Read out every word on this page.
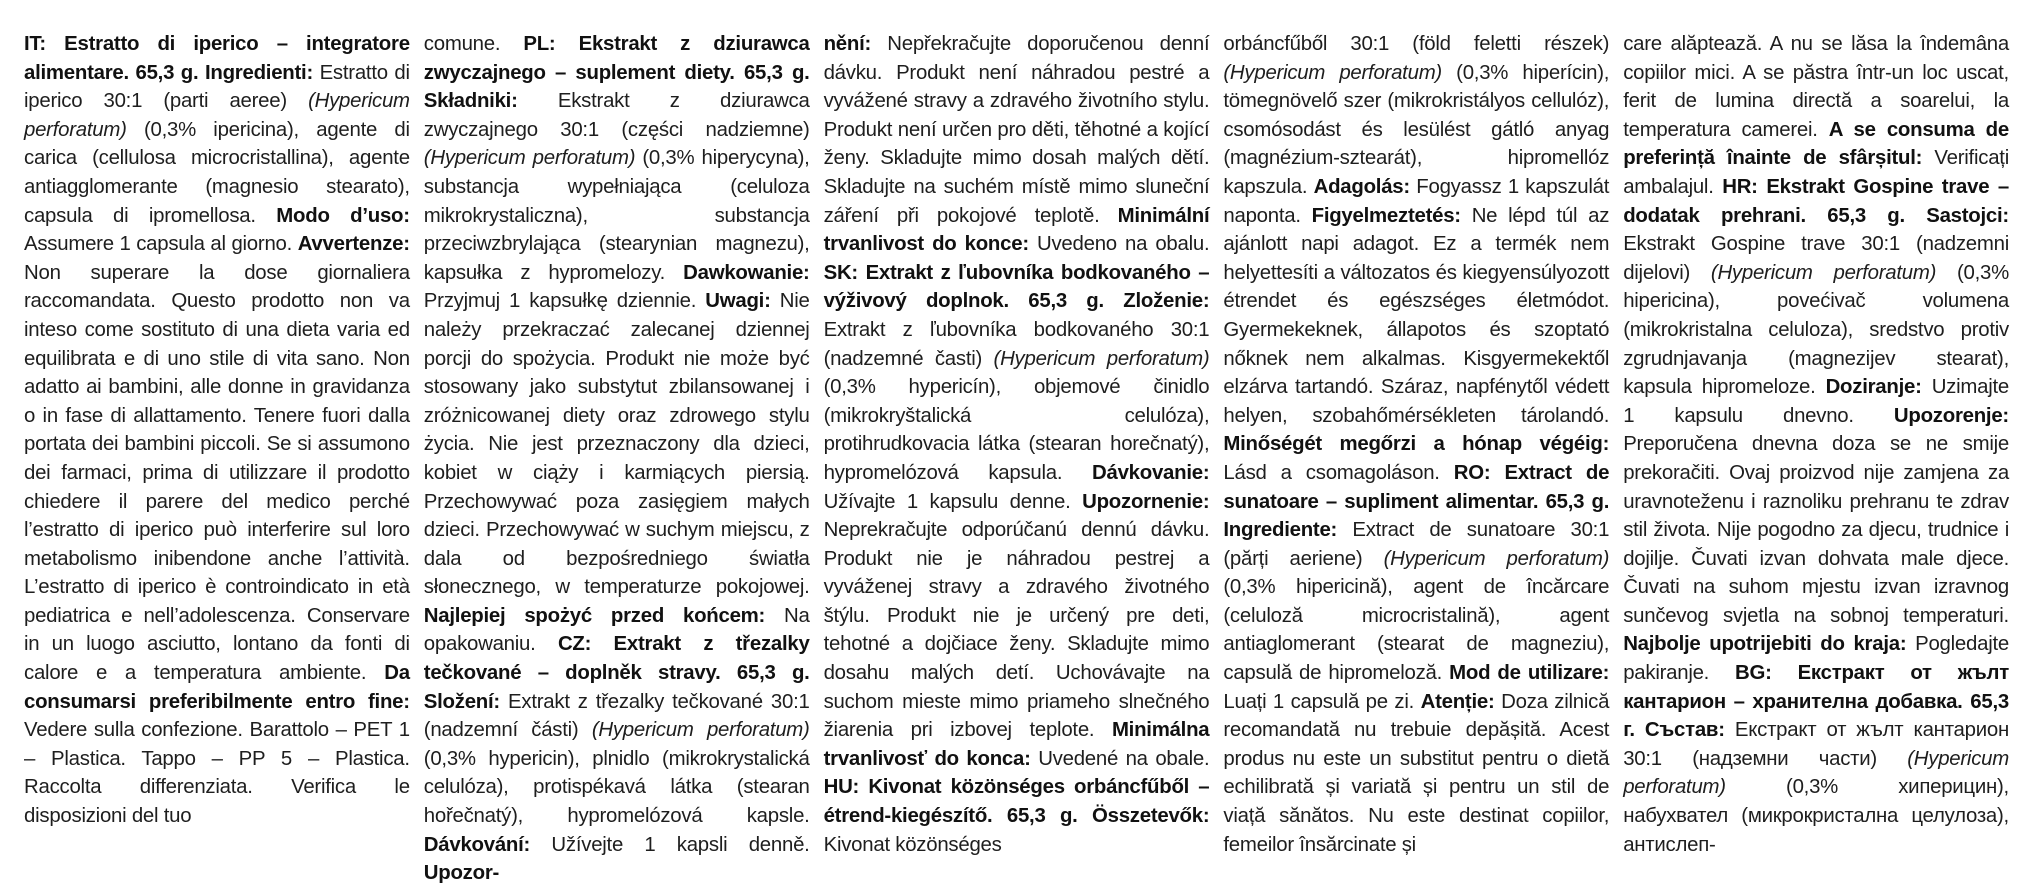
IT: Estratto di iperico – integratore alimentare. 65,3 g. Ingredienti: Estratto di iperico 30:1 (parti aeree) (Hypericum perforatum) (0,3% ipericina), agente di carica (cellulosa microcristallina), agente antiagglomerante (magnesio stearato), capsula di ipromellosa. Modo d’uso: Assumere 1 capsula al giorno. Avvertenze: Non superare la dose giornaliera raccomandata. Questo prodotto non va inteso come sostituto di una dieta varia ed equilibrata e di uno stile di vita sano. Non adatto ai bambini, alle donne in gravidanza o in fase di allattamento. Tenere fuori dalla portata dei bambini piccoli. Se si assumono dei farmaci, prima di utilizzare il prodotto chiedere il parere del medico perché l’estratto di iperico può interferire sul loro metabolismo inibendone anche l’attività. L’estratto di iperico è controindicato in età pediatrica e nell’adolescenza. Conservare in un luogo asciutto, lontano da fonti di calore e a temperatura ambiente. Da consumarsi preferibilmente entro fine: Vedere sulla confezione. Barattolo – PET 1 – Plastica. Tappo – PP 5 – Plastica. Raccolta differenziata. Verifica le disposizioni del tuo
comune. PL: Ekstrakt z dziurawca zwyczajnego – suplement diety. 65,3 g. Składniki: Ekstrakt z dziurawca zwyczajnego 30:1 (części nadziemne) (Hypericum perforatum) (0,3% hiperycyna), substancja wypełniająca (celuloza mikrokrystaliczna), substancja przeciwzbrylająca (stearynian magnezu), kapsułka z hypromelozy. Dawkowanie: Przyjmuj 1 kapsułkę dziennie. Uwagi: Nie należy przekraczać zalecanej dziennej porcji do spożycia. Produkt nie może być stosowany jako substytut zbilansowanej i zróżnicowanej diety oraz zdrowego stylu życia. Nie jest przeznaczony dla dzieci, kobiet w ciąży i karmiących piersią. Przechowywać poza zasięgiem małych dzieci. Przechowywać w suchym miejscu, z dala od bezpośredniego światła słonecznego, w temperaturze pokojowej. Najlepiej spożyć przed końcem: Na opakowaniu. CZ: Extrakt z třezalky tečkované – doplněk stravy. 65,3 g. Složení: Extrakt z třezalky tečkované 30:1 (nadzemní části) (Hypericum perforatum) (0,3% hypericin), plnidlo (mikrokrystalická celulóza), protispékavá látka (stearan hořečnatý), hypromelózová kapsle. Dávkování: Užívejte 1 kapsli denně. Upozor-
nění: Nepřekračujte doporučenou denní dávku. Produkt není náhradou pestré a vyvážené stravy a zdravého životního stylu. Produkt není určen pro děti, těhotné a kojící ženy. Skladujte mimo dosah malých dětí. Skladujte na suchém místě mimo sluneční záření při pokojové teplotě. Minimální trvanlivost do konce: Uvedeno na obalu. SK: Extrakt z ľubovníka bodkovaného – výživový doplnok. 65,3 g. Zloženie: Extrakt z ľubovníka bodkovaného 30:1 (nadzemné časti) (Hypericum perforatum) (0,3% hypericín), objemové činidlo (mikrokryštalická celulóza), protihrudkovacia látka (stearan horečnatý), hypromelózová kapsula. Dávkovanie: Užívajte 1 kapsulu denne. Upozornenie: Neprekračujte odporúčanú dennú dávku. Produkt nie je náhradou pestrej a vyváženej stravy a zdravého životného štýlu. Produkt nie je určený pre deti, tehotné a dojčiace ženy. Skladujte mimo dosahu malých detí. Uchovávajte na suchom mieste mimo priameho slnečného žiarenia pri izbovej teplote. Minimálna trvanlivosť do konca: Uvedené na obale. HU: Kivonat közönséges orbáncfűből – étrend-kiegészítő. 65,3 g. Összetevők: Kivonat közönséges
orbáncfűből 30:1 (föld feletti részek) (Hypericum perforatum) (0,3% hiperícin), tömegnövelő szer (mikrokristályos cellulóz), csomósodást és lesülést gátló anyag (magnézium-sztearát), hipromellóz kapszula. Adagolás: Fogyassz 1 kapszulát naponta. Figyelmeztetés: Ne lépd túl az ajánlott napi adagot. Ez a termék nem helyettesíti a változatos és kiegyensúlyozott étrendet és egészséges életmódot. Gyermekeknek, állapotos és szoptató nőknek nem alkalmas. Kisgyermekektől elzárva tartandó. Száraz, napfénytől védett helyen, szobahőmérsékleten tárolandó. Minőségét megőrzi a hónap végéig: Lásd a csomagoláson. RO: Extract de sunatoare – supliment alimentar. 65,3 g. Ingrediente: Extract de sunatoare 30:1 (părți aeriene) (Hypericum perforatum) (0,3% hipericină), agent de încărcare (celuloză microcristalină), agent antiaglomerant (stearat de magneziu), capsulă de hipromeloză. Mod de utilizare: Luați 1 capsulă pe zi. Atenție: Doza zilnică recomandată nu trebuie depășită. Acest produs nu este un substitut pentru o dietă echilibrată și variată și pentru un stil de viață sănătos. Nu este destinat copiilor, femeilor însărcinate și
care alăptează. A nu se lăsa la îndemâna copiilor mici. A se păstra într-un loc uscat, ferit de lumina directă a soarelui, la temperatura camerei. A se consuma de preferință înainte de sfârșitul: Verificați ambalajul. HR: Ekstrakt Gospine trave – dodatak prehrani. 65,3 g. Sastojci: Ekstrakt Gospine trave 30:1 (nadzemni dijelovi) (Hypericum perforatum) (0,3% hipericina), povećivač volumena (mikrokristalna celuloza), sredstvo protiv zgrudnjavanja (magnezijev stearat), kapsula hipromeloze. Doziranje: Uzimajte 1 kapsulu dnevno. Upozorenje: Preporučena dnevna doza se ne smije prekoračiti. Ovaj proizvod nije zamjena za uravnoteženu i raznoliku prehranu te zdrav stil života. Nije pogodno za djecu, trudnice i dojilje. Čuvati izvan dohvata male djece. Čuvati na suhom mjestu izvan izravnog sunčevog svjetla na sobnoj temperaturi. Najbolje upotrijebiti do kraja: Pogledajte pakiranje. BG: Екстракт от жълт кантарион – хранителна добавка. 65,3 г. Състав: Екстракт от жълт кантарион 30:1 (надземни части) (Hypericum perforatum) (0,3% хиперицин), набухвател (микрокристална целулоза), антислеп-
